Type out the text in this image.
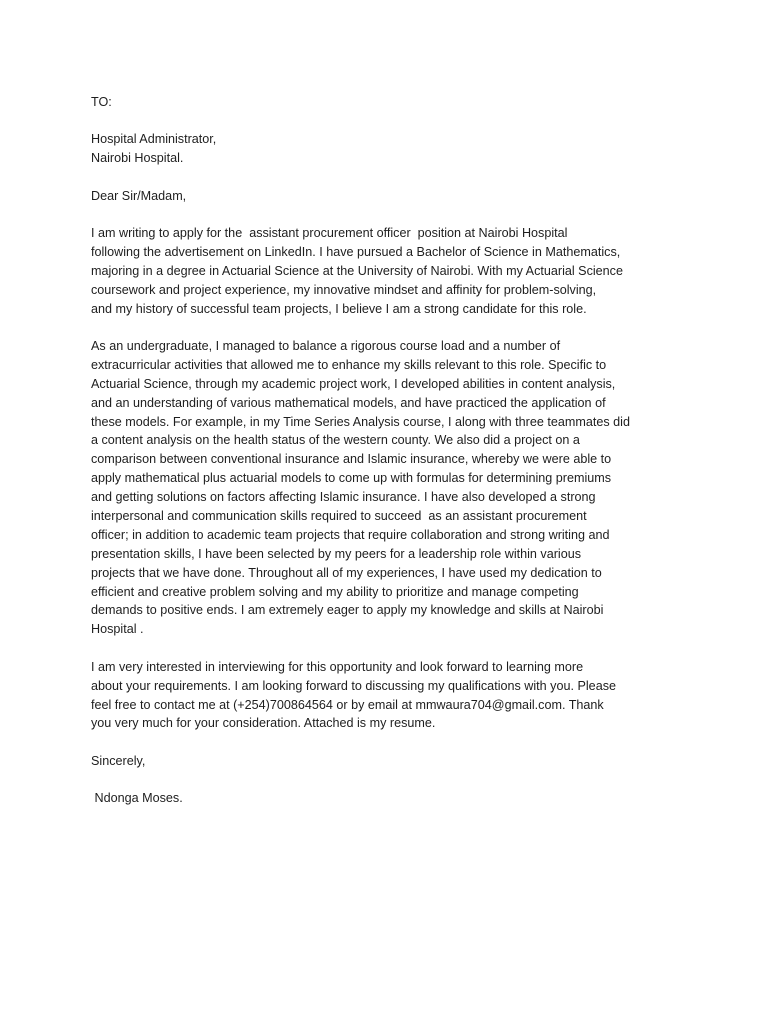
TO:
Hospital Administrator,
Nairobi Hospital.
Dear Sir/Madam,
I am writing to apply for the  assistant procurement officer  position at Nairobi Hospital
following the advertisement on LinkedIn. I have pursued a Bachelor of Science in Mathematics,
majoring in a degree in Actuarial Science at the University of Nairobi. With my Actuarial Science
coursework and project experience, my innovative mindset and affinity for problem-solving,
and my history of successful team projects, I believe I am a strong candidate for this role.
As an undergraduate, I managed to balance a rigorous course load and a number of
extracurricular activities that allowed me to enhance my skills relevant to this role. Specific to
Actuarial Science, through my academic project work, I developed abilities in content analysis,
and an understanding of various mathematical models, and have practiced the application of
these models. For example, in my Time Series Analysis course, I along with three teammates did
a content analysis on the health status of the western county. We also did a project on a
comparison between conventional insurance and Islamic insurance, whereby we were able to
apply mathematical plus actuarial models to come up with formulas for determining premiums
and getting solutions on factors affecting Islamic insurance. I have also developed a strong
interpersonal and communication skills required to succeed  as an assistant procurement
officer; in addition to academic team projects that require collaboration and strong writing and
presentation skills, I have been selected by my peers for a leadership role within various
projects that we have done. Throughout all of my experiences, I have used my dedication to
efficient and creative problem solving and my ability to prioritize and manage competing
demands to positive ends. I am extremely eager to apply my knowledge and skills at Nairobi
Hospital .
I am very interested in interviewing for this opportunity and look forward to learning more
about your requirements. I am looking forward to discussing my qualifications with you. Please
feel free to contact me at (+254)700864564 or by email at mmwaura704@gmail.com. Thank
you very much for your consideration. Attached is my resume.
Sincerely,
Ndonga Moses.
